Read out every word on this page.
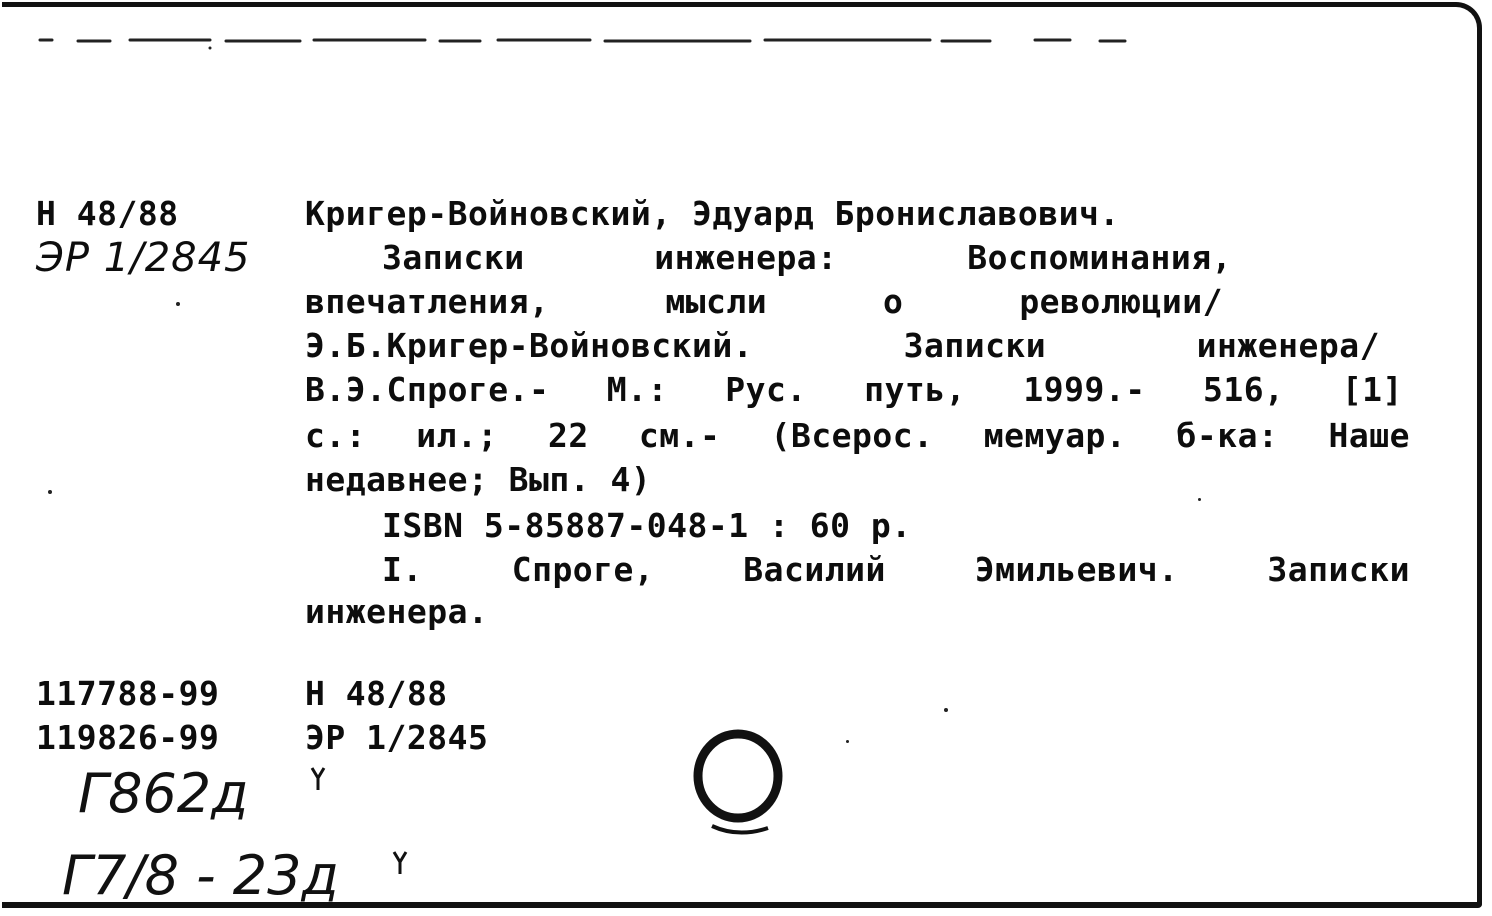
Н 48/88
ЭР 1/2845
Кригер-Войновский, Эдуард Брониславович.
Записки	инженера:	Воспоминания,
впечатления,	мысли	о	революции/
Э.Б.Кригер-Войновский.	Записки	инженера/
В.Э.Спроге.- М.: Рус. путь, 1999.- 516, [1]
с.: ил.; 22 см.- (Всерос. мемуар. б-ка: Наше
недавнее; Вып. 4)
ISBN 5-85887-048-1 : 60 р.
I.	Спроге,	Василий	Эмильевич.	Записки
инженера.
117788-99	Н 48/88
119826-99	ЭР 1/2845
Г862д
Г7/8 - 23д
